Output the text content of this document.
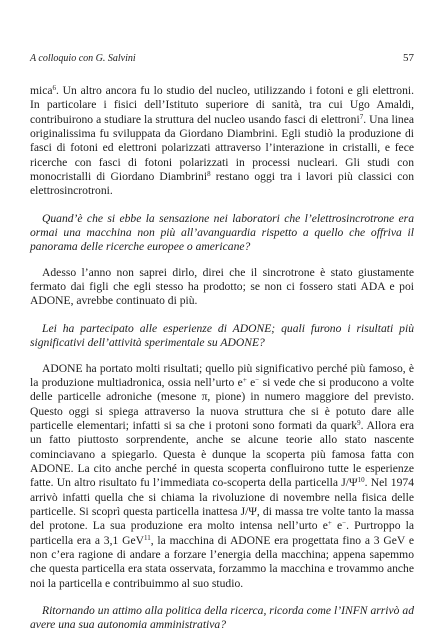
A colloquio con G. Salvini	57

mica$^6$. Un altro ancora fu lo studio del nucleo, utilizzando i fotoni e gli elettroni. In particolare i fisici dell’Istituto superiore di sanità, tra cui Ugo Amaldi, contribuirono a studiare la struttura del nucleo usando fasci di elettroni$^7$. Una linea originalissima fu sviluppata da Giordano Diambrini. Egli studiò la produzione di fasci di fotoni ed elettroni polarizzati attraverso l’interazione in cristalli, e fece ricerche con fasci di fotoni polarizzati in processi nucleari. Gli studi con monocristalli di Giordano Diambrini$^8$ restano oggi tra i lavori più classici con elettrosincrotroni.

Quand’è che si ebbe la sensazione nei laboratori che l’elettrosincrotrone era ormai una macchina non più all’avanguardia rispetto a quello che offriva il panorama delle ricerche europee o americane?

Adesso l’anno non saprei dirlo, direi che il sincrotrone è stato giustamente fermato dai figli che egli stesso ha prodotto; se non ci fossero stati ADA e poi ADONE, avrebbe continuato di più.

Lei ha partecipato alle esperienze di ADONE; quali furono i risultati più significativi dell’attività sperimentale su ADONE?

ADONE ha portato molti risultati; quello più significativo perché più famoso, è la produzione multiadronica, ossia nell’urto e+ e− si vede che si producono a volte delle particelle adroniche (mesone π, pione) in numero maggiore del previsto. Questo oggi si spiega attraverso la nuova struttura che si è potuto dare alle particelle elementari; infatti si sa che i protoni sono formati da quark$^9$. Allora era un fatto piuttosto sorprendente, anche se alcune teorie allo stato nascente cominciavano a spiegarlo. Questa è dunque la scoperta più famosa fatta con ADONE. La cito anche perché in questa scoperta confluirono tutte le esperienze fatte. Un altro risultato fu l’immediata co-scoperta della particella $J/\Psi^{10}$. Nel 1974 arrivò infatti quella che si chiama la rivoluzione di novembre nella fisica delle particelle. Si scoprì questa particella inattesa J/Ψ, di massa tre volte tanto la massa del protone. La sua produzione era molto intensa nell’urto e+ e−. Purtroppo la particella era a 3,1 GeV$^{11}$, la macchina di ADONE era progettata fino a 3 GeV e non c’era ragione di andare a forzare l’energia della macchina; appena sapemmo che questa particella era stata osservata, forzammo la macchina e trovammo anche noi la particella e contribuimmo al suo studio.

Ritornando un attimo alla politica della ricerca, ricorda come l’INFN arrivò ad avere una sua autonomia amministrativa?
